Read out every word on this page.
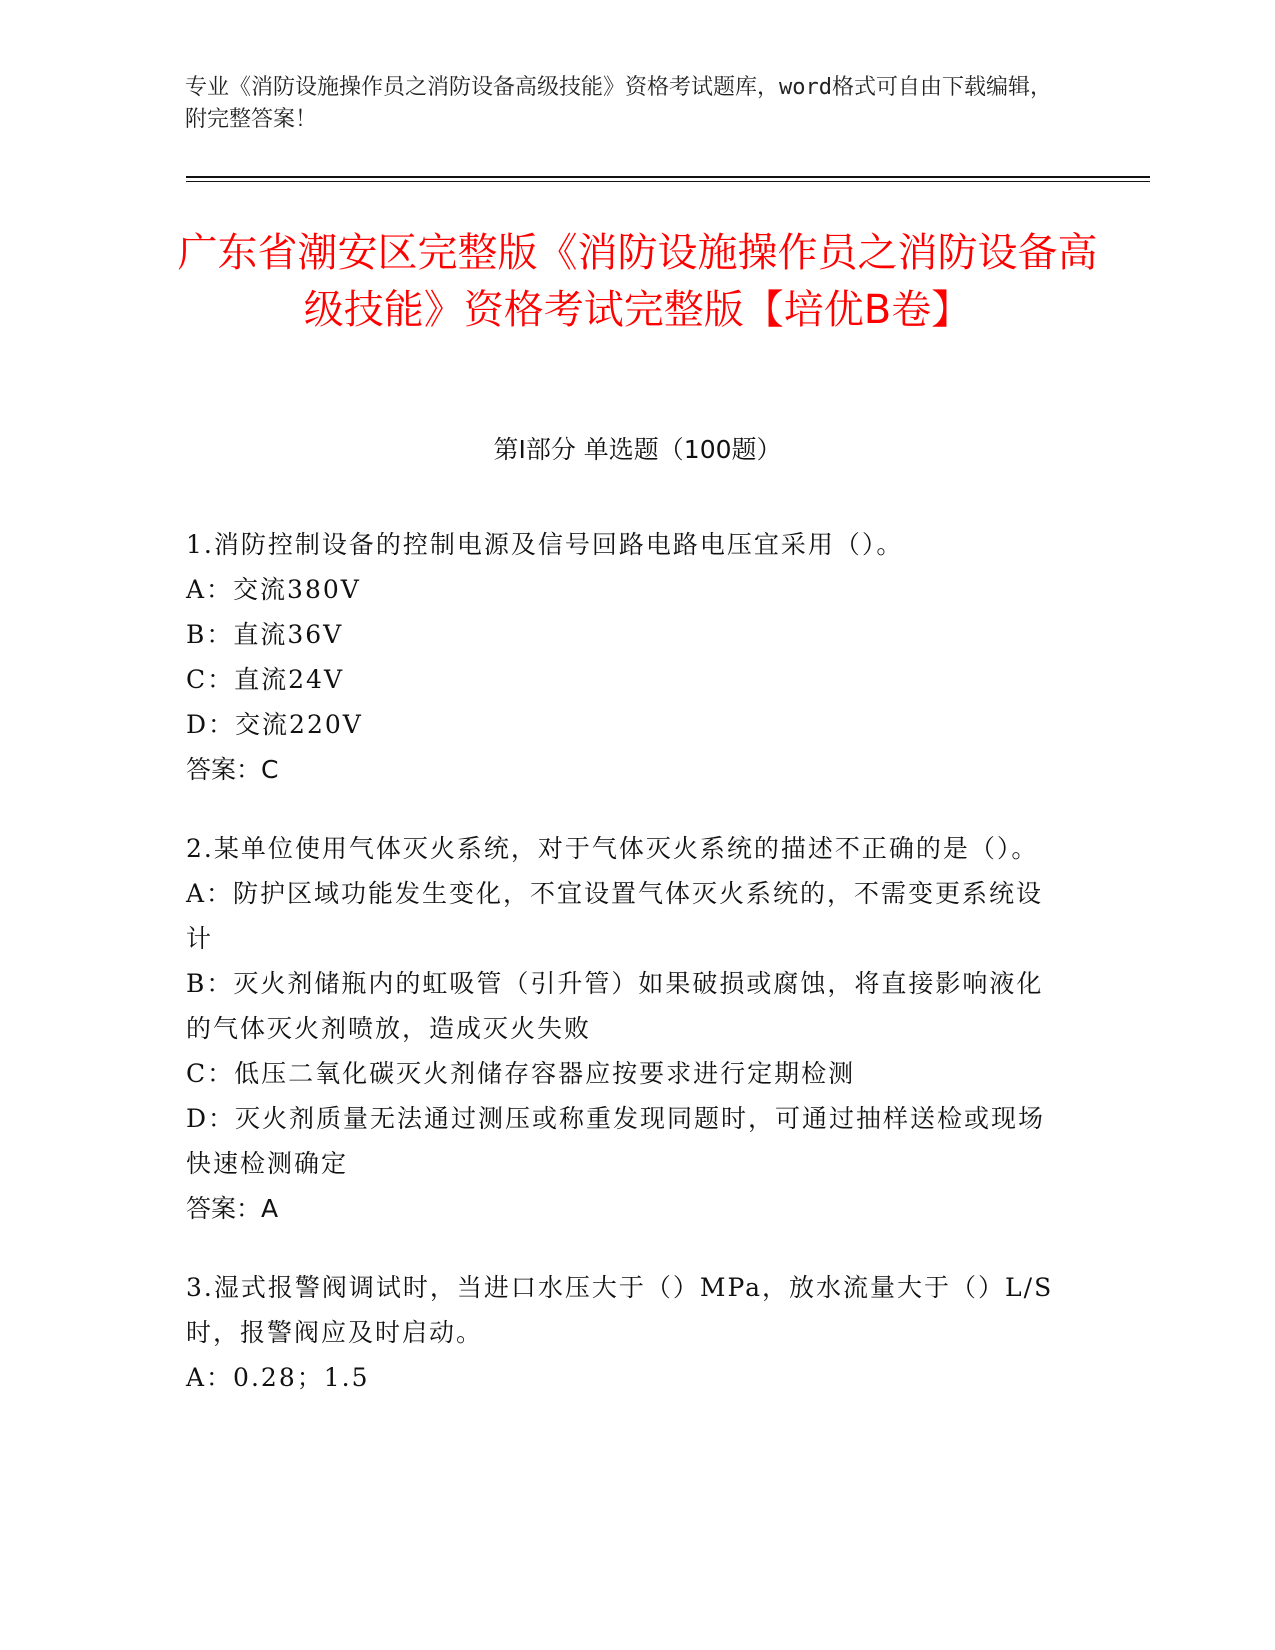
专业《消防设施操作员之消防设备高级技能》资格考试题库，word格式可自由下载编辑，附完整答案！
广东省潮安区完整版《消防设施操作员之消防设备高级技能》资格考试完整版【培优B卷】
第Ⅰ部分 单选题（100题）
1.消防控制设备的控制电源及信号回路电路电压宜采用（）。
A：交流380V
B：直流36V
C：直流24V
D：交流220V
答案：C
2.某单位使用气体灭火系统，对于气体灭火系统的描述不正确的是（）。
A：防护区域功能发生变化，不宜设置气体灭火系统的，不需变更系统设计
B：灭火剂储瓶内的虹吸管（引升管）如果破损或腐蚀，将直接影响液化的气体灭火剂喷放，造成灭火失败
C：低压二氧化碳灭火剂储存容器应按要求进行定期检测
D：灭火剂质量无法通过测压或称重发现同题时，可通过抽样送检或现场快速检测确定
答案：A
3.湿式报警阀调试时，当进口水压大于（）MPa，放水流量大于（）L/S时，报警阀应及时启动。
A：0.28；1.5
